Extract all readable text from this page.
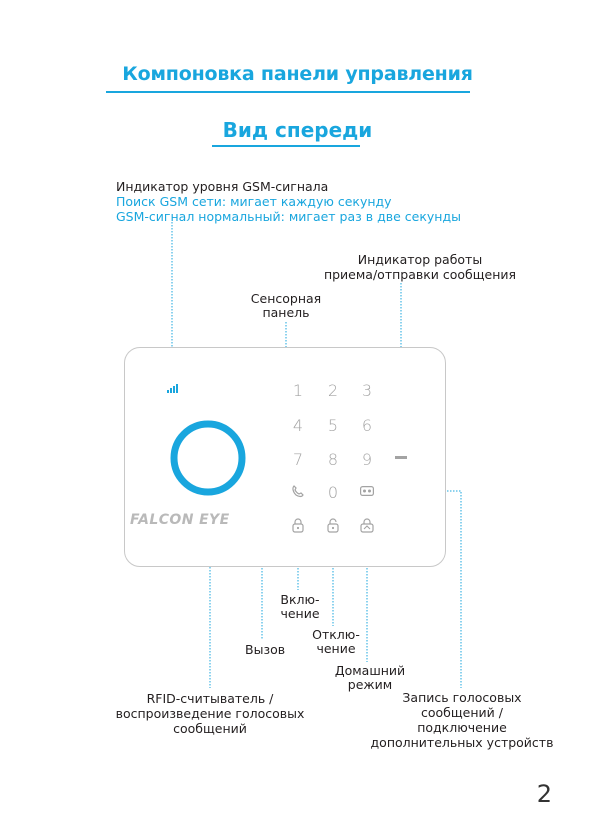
Компоновка панели управления
Вид спереди
Индикатор уровня GSM-сигнала
Поиск GSM сети: мигает каждую секунду
GSM-сигнал нормальный: мигает раз в две секунды
Индикатор работы
приема/отправки сообщения
Сенсорная
панель
FALCON EYE
1	2	3
4	5	6
7	8	9
0
Вклю-
чение
Вызов
Отклю-
чение
Домашний
режим
Запись голосовых
сообщений /
подключение
дополнительных устройств
RFID-считыватель /
воспроизведение голосовых
сообщений
2
